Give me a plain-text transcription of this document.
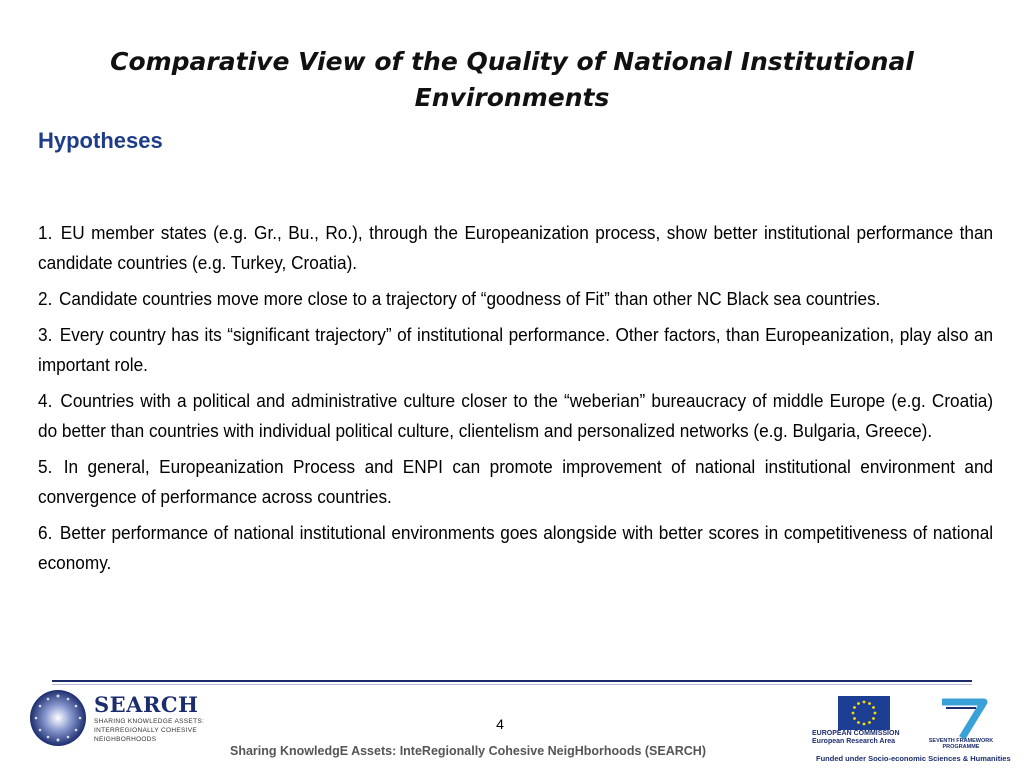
Comparative View of the Quality of National Institutional Environments
Hypotheses

1. EU member states (e.g. Gr., Bu., Ro.), through the Europeanization process, show better institutional performance than candidate countries (e.g. Turkey, Croatia).

2. Candidate countries move more close to a trajectory of “goodness of Fit” than other NC Black sea countries.

3. Every country has its “significant trajectory” of institutional performance. Other factors, than Europeanization, play also an important role.

4. Countries with a political and administrative culture closer to the “weberian” bureaucracy of middle Europe (e.g. Croatia) do better than countries with individual political culture, clientelism and personalized networks (e.g. Bulgaria, Greece).

5. In general, Europeanization Process and ENPI can promote improvement of national institutional environment and convergence of performance across countries.

6. Better performance of national institutional environments goes alongside with better scores in competitiveness of national economy.

SEARCH
SHARING KNOWLEDGE ASSETS:
INTERREGIONALLY COHESIVE
NEIGHBORHOODS
4
Sharing KnowledgE Assets: InteRegionally Cohesive NeigHborhoods (SEARCH)
EUROPEAN COMMISSION
European Research Area	SEVENTH FRAMEWORK
PROGRAMME
Funded under Socio-economic Sciences & Humanities
